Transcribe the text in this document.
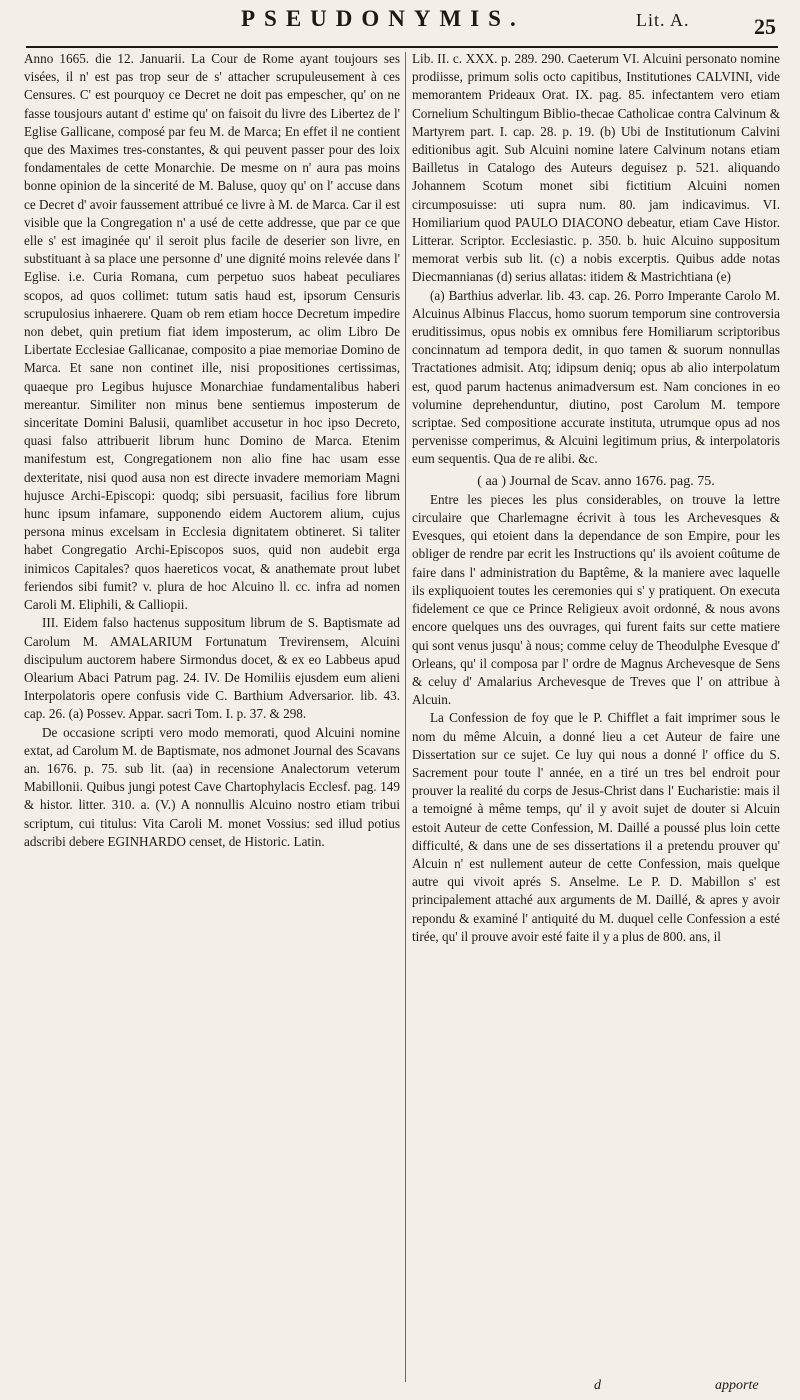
PSEUDONYMIS.	Lit. A.	25

Anno 1665. die 12. Januarii. La Cour de Rome ayant toujours ses visées, il n' est pas trop seur de s' attacher scrupuleusement à ces Censures. C' est pourquoy ce Decret ne doit pas empescher, qu' on ne fasse tousjours autant d' estime qu' on faisoit du livre des Libertez de l' Eglise Gallicane, composé par feu M. de Marca; En effet il ne contient que des Maximes tres-constantes, & qui peuvent passer pour des loix fondamentales de cette Monarchie. De mesme on n' aura pas moins bonne opinion de la sincerité de M. Baluse, quoy qu' on l' accuse dans ce Decret d' avoir faussement attribué ce livre à M. de Marca. Car il est visible que la Congregation n' a usé de cette addresse, que par ce que elle s' est imaginée qu' il seroit plus facile de deserier son livre, en substituant à sa place une personne d' une dignité moins relevée dans l' Eglise. i.e. Curia Romana, cum perpetuo suos habeat peculiares scopos, ad quos collimet: tutum satis haud est, ipsorum Censuris scrupulosius inhaerere. Quam ob rem etiam hocce Decretum impedire non debet, quin pretium fiat idem imposterum, ac olim Libro De Libertate Ecclesiae Gallicanae, composito a piae memoriae Domino de Marca. Et sane non continet ille, nisi propositiones certissimas, quaeque pro Legibus hujusce Monarchiae fundamentalibus haberi mereantur. Similiter non minus bene sentiemus imposterum de sinceritate Domini Balusii, quamlibet accusetur in hoc ipso Decreto, quasi falso attribuerit librum hunc Domino de Marca. Etenim manifestum est, Congregationem non alio fine hac usam esse dexteritate, nisi quod ausa non est directe invadere memoriam Magni hujusce Archi-Episcopi: quodq; sibi persuasit, facilius fore librum hunc ipsum infamare, supponendo eidem Auctorem alium, cujus persona minus excelsam in Ecclesia dignitatem obtineret. Si taliter habet Congregatio Archi-Episcopos suos, quid non audebit erga inimicos Capitales? quos haereticos vocat, & anathemate prout lubet feriendos sibi fumit? v. plura de hoc Alcuino ll. cc. infra ad nomen Caroli M. Eliphili, & Calliopii.

III. Eidem falso hactenus suppositum librum de S. Baptismate ad Carolum M. AMALARIUM Fortunatum Trevirensem, Alcuini discipulum auctorem habere Sirmondus docet, & ex eo Labbeus apud Olearium Abaci Patrum pag. 24. IV. De Homiliis ejusdem eum alieni Interpolatoris opere confusis vide C. Barthium Adversarior. lib. 43. cap. 26. (a) Possev. Appar. sacri Tom. I. p. 37. & 298.

De occasione scripti vero modo memorati, quod Alcuini nomine extat, ad Carolum M. de Baptismate, nos admonet Journal des Scavans an. 1676. p. 75. sub lit. (aa) in recensione Analectorum veterum Mabillonii. Quibus jungi potest Cave Chartophylacis Ecclesf. pag. 149 & histor. litter. 310. a. (V.) A nonnullis Alcuino nostro etiam tribui scriptum, cui titulus: Vita Caroli M. monet Vossius: sed illud potius adscribi debere EGINHARDO censet, de Historic. Latin.

Lib. II. c. XXX. p. 289. 290. Caeterum VI. Alcuini personato nomine prodiisse, primum solis octo capitibus, Institutiones CALVINI, vide memorantem Prideaux Orat. IX. pag. 85. infectantem vero etiam Cornelium Schultingum Biblio-thecae Catholicae contra Calvinum & Martyrem part. I. cap. 28. p. 19. (b) Ubi de Institutionum Calvini editionibus agit. Sub Alcuini nomine latere Calvinum notans etiam Bailletus in Catalogo des Auteurs deguisez p. 521. aliquando Johannem Scotum monet sibi fictitium Alcuini nomen circumposuisse: uti supra num. 80. jam indicavimus. VI. Homiliarium quod PAULO DIACONO debeatur, etiam Cave Histor. Litterar. Scriptor. Ecclesiastic. p. 350. b. huic Alcuino suppositum memorat verbis sub lit. (c) a nobis excerptis. Quibus adde notas Diecmannianas (d) serius allatas: itidem & Mastrichtiana (e)

(a) Barthius adverlar. lib. 43. cap. 26. Porro Imperante Carolo M. Alcuinus Albinus Flaccus, homo suorum temporum sine controversia eruditissimus, opus nobis ex omnibus fere Homiliarum scriptoribus concinnatum ad tempora dedit, in quo tamen & suorum nonnullas Tractationes admisit. Atq; idipsum deniq; opus ab alio interpolatum est, quod parum hactenus animadversum est. Nam conciones in eo volumine deprehenduntur, diutino, post Carolum M. tempore scriptae. Sed compositione accurate instituta, utrumque opus ad nos pervenisse comperimus, & Alcuini legitimum prius, & interpolatoris eum sequentis. Qua de re alibi. &c.

( aa ) Journal de Scav. anno 1676. pag. 75.

Entre les pieces les plus considerables, on trouve la lettre circulaire que Charlemagne écrivit à tous les Archevesques & Evesques, qui etoient dans la dependance de son Empire, pour les obliger de rendre par ecrit les Instructions qu' ils avoient coûtume de faire dans l' administration du Baptême, & la maniere avec laquelle ils expliquoient toutes les ceremonies qui s' y pratiquent. On executa fidelement ce que ce Prince Religieux avoit ordonné, & nous avons encore quelques uns des ouvrages, qui furent faits sur cette matiere qui sont venus jusqu' à nous; comme celuy de Theodulphe Evesque d' Orleans, qu' il composa par l' ordre de Magnus Archevesque de Sens & celuy d' Amalarius Archevesque de Treves que l' on attribue à Alcuin.

La Confession de foy que le P. Chifflet a fait imprimer sous le nom du même Alcuin, a donné lieu a cet Auteur de faire une Dissertation sur ce sujet. Ce luy qui nous a donné l' office du S. Sacrement pour toute l' année, en a tiré un tres bel endroit pour prouver la realité du corps de Jesus-Christ dans l' Eucharistie: mais il a temoigné à même temps, qu' il y avoit sujet de douter si Alcuin estoit Auteur de cette Confession, M. Daillé a poussé plus loin cette difficulté, & dans une de ses dissertations il a pretendu prouver qu' Alcuin n' est nullement auteur de cette Confession, mais quelque autre qui vivoit aprés S. Anselme. Le P. D. Mabillon s' est principalement attaché aux arguments de M. Daillé, & apres y avoir repondu & examiné l' antiquité du M. duquel celle Confession a esté tirée, qu' il prouve avoir esté faite il y a plus de 800. ans, il

d	apporte
